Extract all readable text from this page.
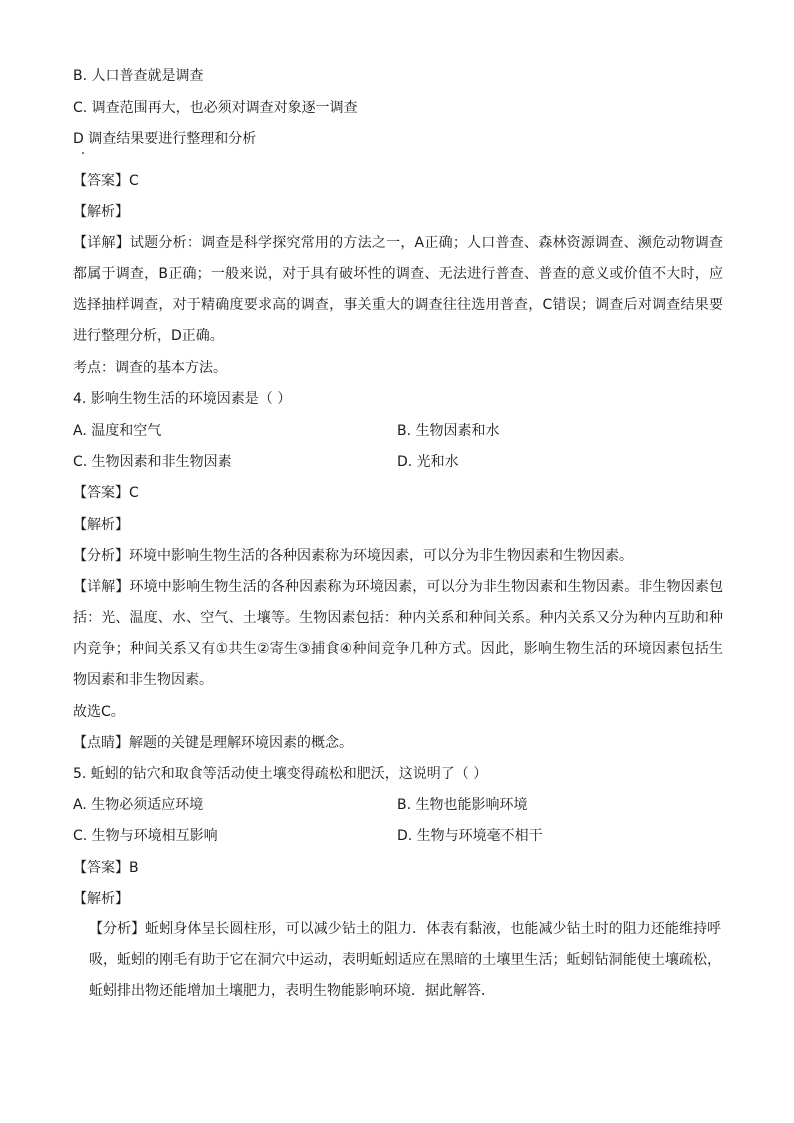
B. 人口普查就是调查
C. 调查范围再大，也必须对调查对象逐一调查
D 调查结果要进行整理和分析
【答案】C
【解析】
【详解】试题分析：调查是科学探究常用的方法之一，A正确；人口普查、森林资源调查、濒危动物调查都属于调查，B正确；一般来说，对于具有破坏性的调查、无法进行普查、普查的意义或价值不大时，应选择抽样调查，对于精确度要求高的调查，事关重大的调查往往选用普查，C错误；调查后对调查结果要进行整理分析，D正确。
考点：调查的基本方法。
4. 影响生物生活的环境因素是（ ）
A. 温度和空气	B. 生物因素和水
C. 生物因素和非生物因素	D. 光和水
【答案】C
【解析】
【分析】环境中影响生物生活的各种因素称为环境因素，可以分为非生物因素和生物因素。
【详解】环境中影响生物生活的各种因素称为环境因素，可以分为非生物因素和生物因素。非生物因素包括：光、温度、水、空气、土壤等。生物因素包括：种内关系和种间关系。种内关系又分为种内互助和种内竞争；种间关系又有①共生②寄生③捕食④种间竞争几种方式。因此，影响生物生活的环境因素包括生物因素和非生物因素。
故选C。
【点睛】解题的关键是理解环境因素的概念。
5. 蚯蚓的钻穴和取食等活动使土壤变得疏松和肥沃，这说明了（ ）
A. 生物必须适应环境	B. 生物也能影响环境
C. 生物与环境相互影响	D. 生物与环境毫不相干
【答案】B
【解析】
【分析】蚯蚓身体呈长圆柱形，可以减少钻土的阻力．体表有黏液，也能减少钻土时的阻力还能维持呼吸，蚯蚓的刚毛有助于它在洞穴中运动，表明蚯蚓适应在黑暗的土壤里生活；蚯蚓钻洞能使土壤疏松，蚯蚓排出物还能增加土壤肥力，表明生物能影响环境．据此解答．
